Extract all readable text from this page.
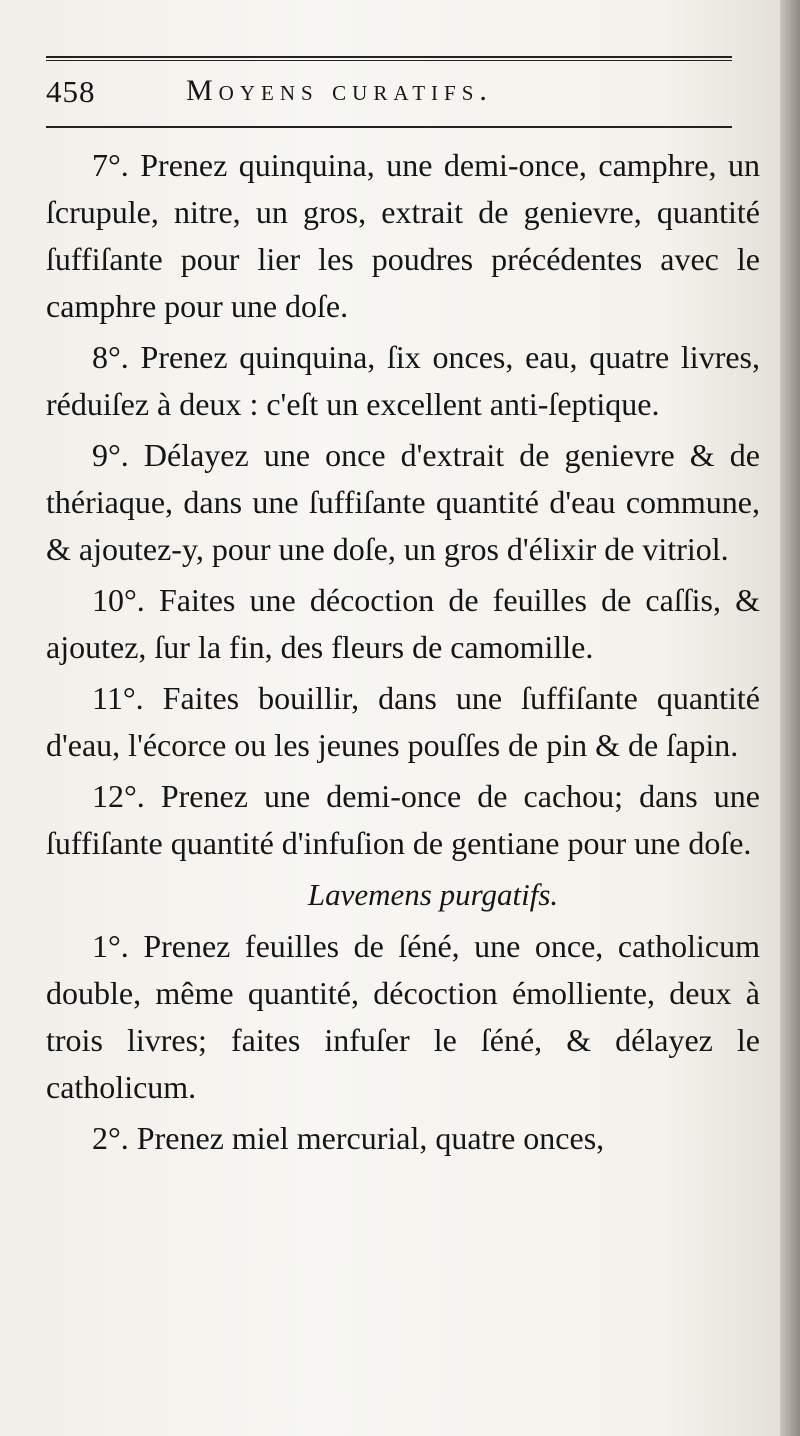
458	Moyens curatifs.

7°. Prenez quinquina, une demi-once, camphre, un ſcrupule, nitre, un gros, extrait de genievre, quantité ſuffiſante pour lier les poudres précédentes avec le camphre pour une doſe.

8°. Prenez quinquina, ſix onces, eau, quatre livres, réduiſez à deux : c'eſt un excellent anti-ſeptique.

9°. Délayez une once d'extrait de genievre & de thériaque, dans une ſuffiſante quantité d'eau commune, & ajoutez-y, pour une doſe, un gros d'élixir de vitriol.

10°. Faites une décoction de feuilles de caſſis, & ajoutez, ſur la fin, des fleurs de camomille.

11°. Faites bouillir, dans une ſuffiſante quantité d'eau, l'écorce ou les jeunes pouſſes de pin & de ſapin.

12°. Prenez une demi-once de cachou; dans une ſuffiſante quantité d'infuſion de gentiane pour une doſe.

Lavemens purgatifs.

1°. Prenez feuilles de ſéné, une once, catholicum double, même quantité, décoction émolliente, deux à trois livres; faites infuſer le ſéné, & délayez le catholicum.

2°. Prenez miel mercurial, quatre onces,
